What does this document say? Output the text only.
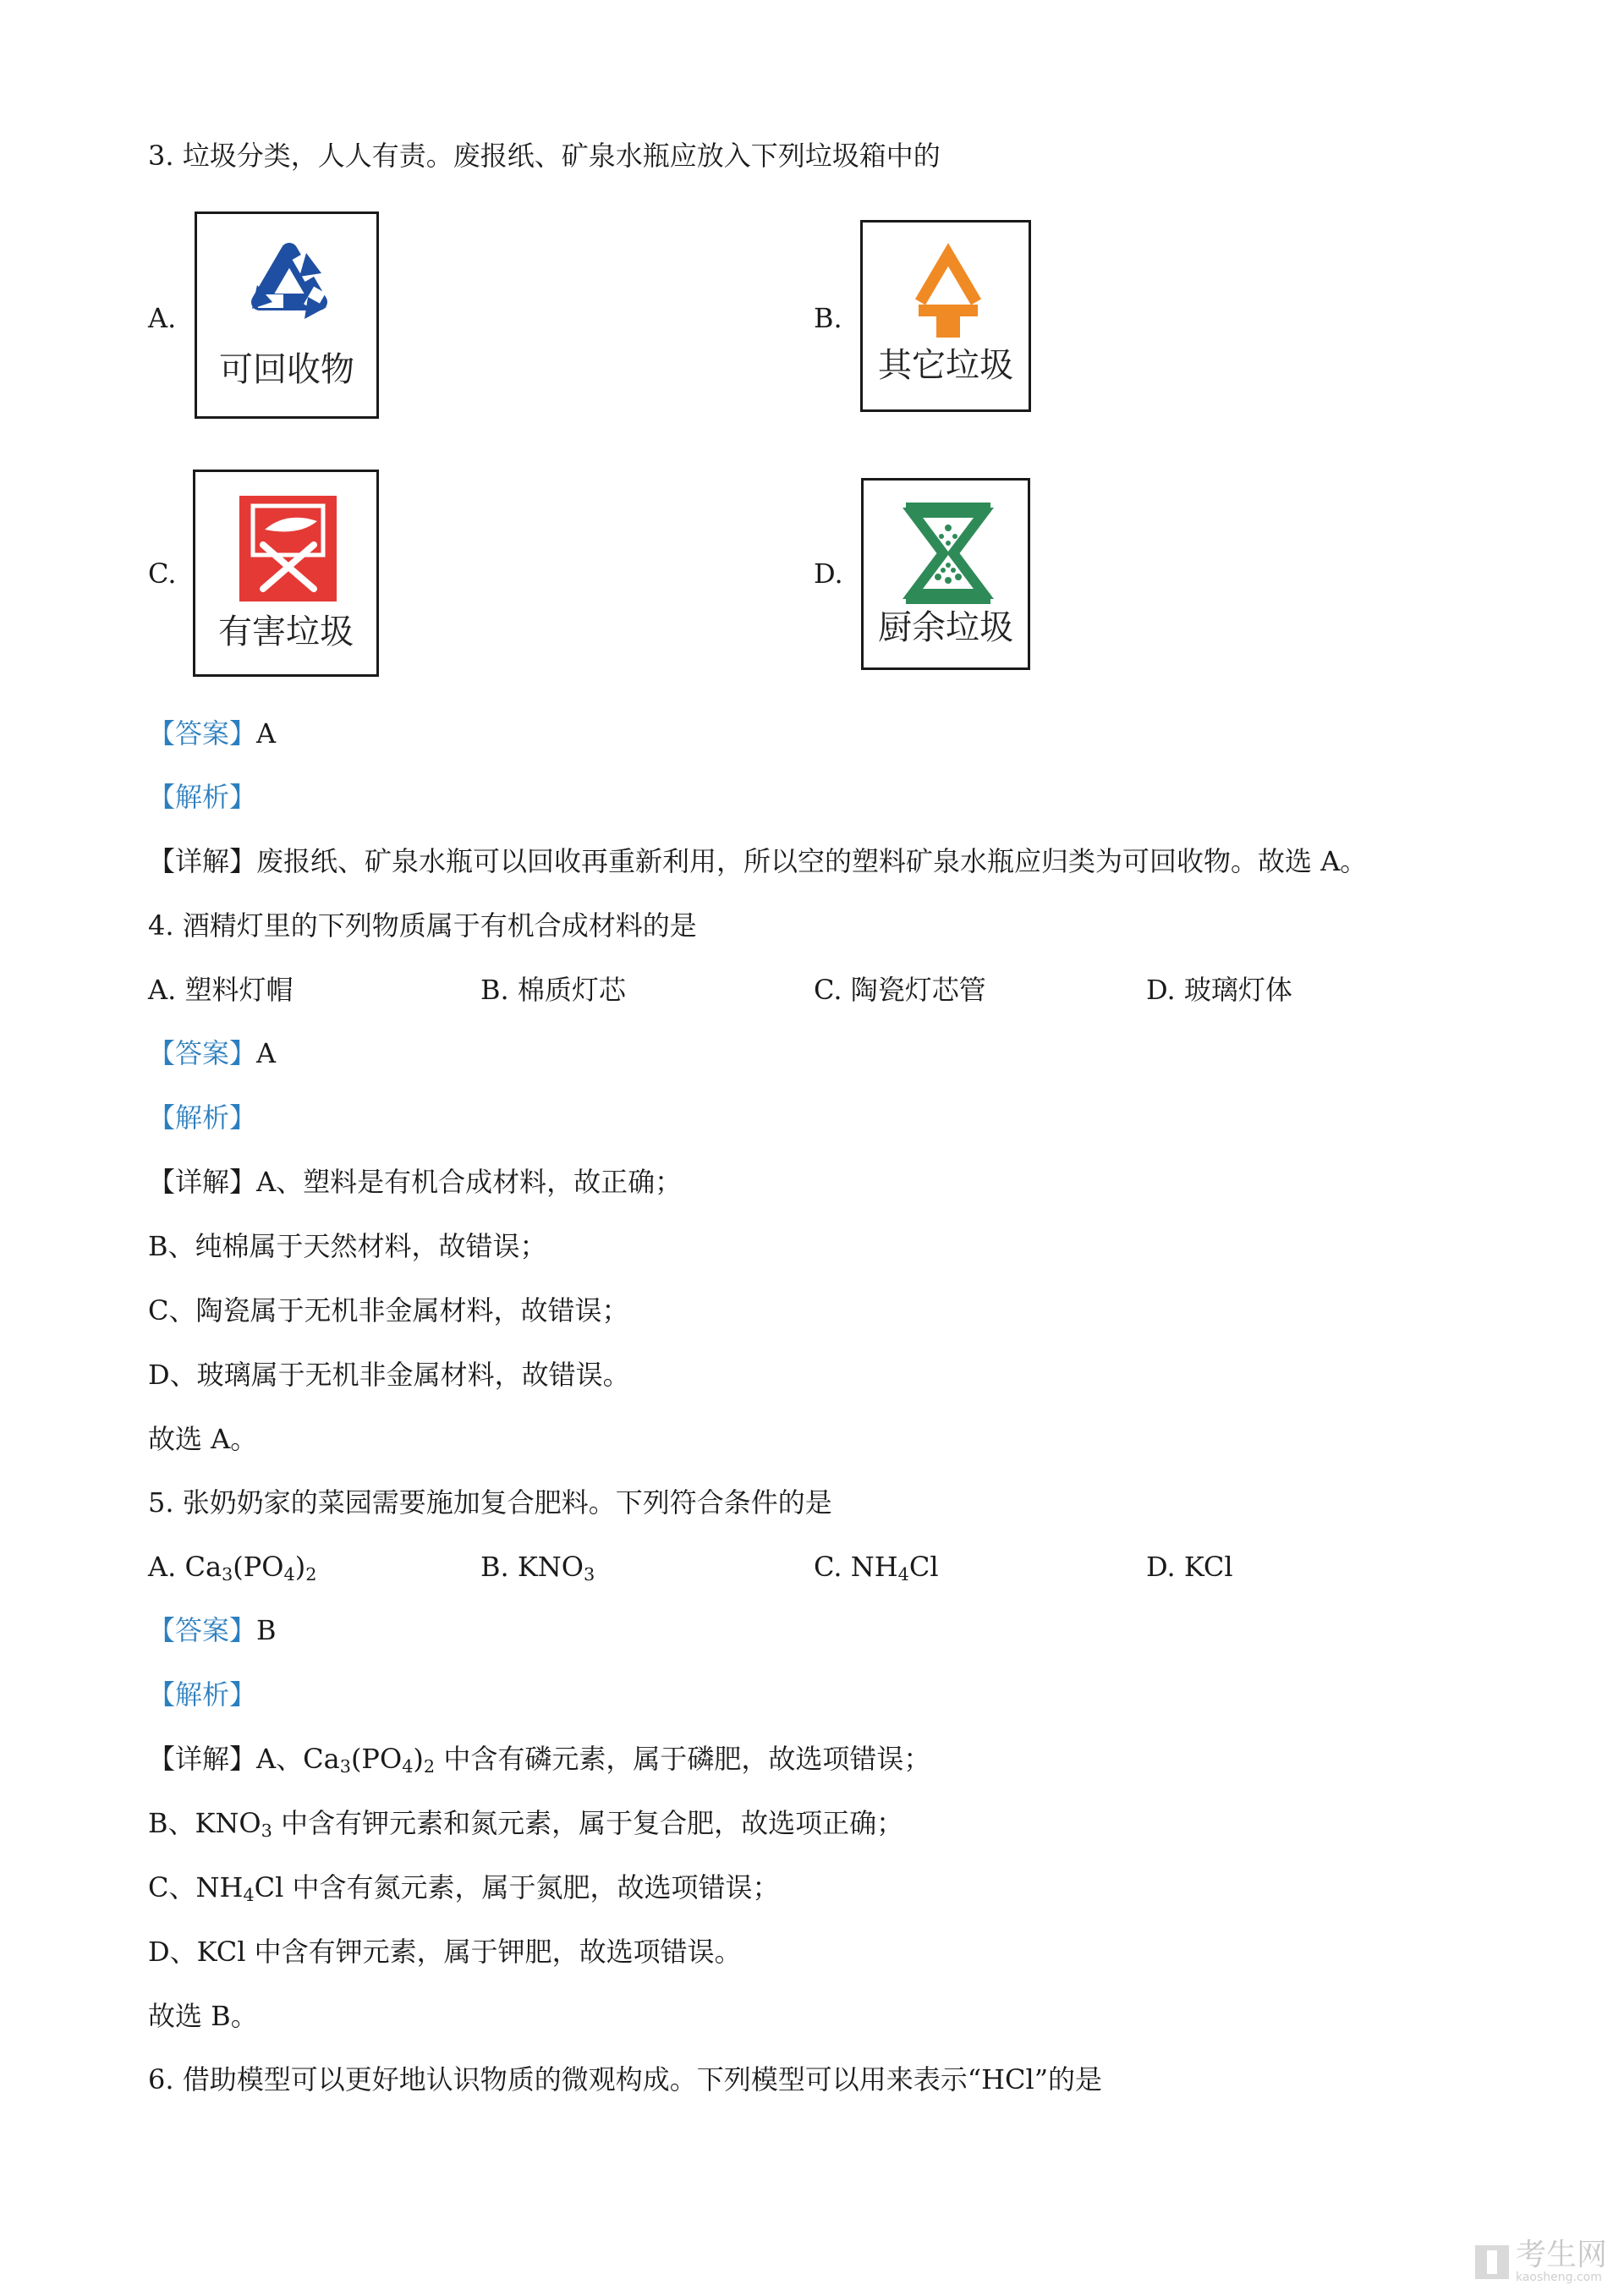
3. 垃圾分类，人人有责。废报纸、矿泉水瓶应放入下列垃圾箱中的
A.
可回收物
B.
其它垃圾
C.
有害垃圾
D.
厨余垃圾
【答案】A
【解析】
【详解】废报纸、矿泉水瓶可以回收再重新利用，所以空的塑料矿泉水瓶应归类为可回收物。故选 A。
4. 酒精灯里的下列物质属于有机合成材料的是
A. 塑料灯帽	B. 棉质灯芯	C. 陶瓷灯芯管	D. 玻璃灯体
【答案】A
【解析】
【详解】A、塑料是有机合成材料，故正确；
B、纯棉属于天然材料，故错误；
C、陶瓷属于无机非金属材料，故错误；
D、玻璃属于无机非金属材料，故错误。
故选 A。
5. 张奶奶家的菜园需要施加复合肥料。下列符合条件的是
A. $Ca_3(PO_4)_2$	B. $KNO_3$	C. $NH_4Cl$	D. KCl
【答案】B
【解析】
【详解】A、$Ca_3(PO_4)_2$ 中含有磷元素，属于磷肥，故选项错误；
B、$KNO_3$ 中含有钾元素和氮元素，属于复合肥，故选项正确；
C、$NH_4Cl$ 中含有氮元素，属于氮肥，故选项错误；
D、KCl 中含有钾元素，属于钾肥，故选项错误。
故选 B。
6. 借助模型可以更好地认识物质的微观构成。下列模型可以用来表示“HCl”的是
考生网
kaosheng.com
